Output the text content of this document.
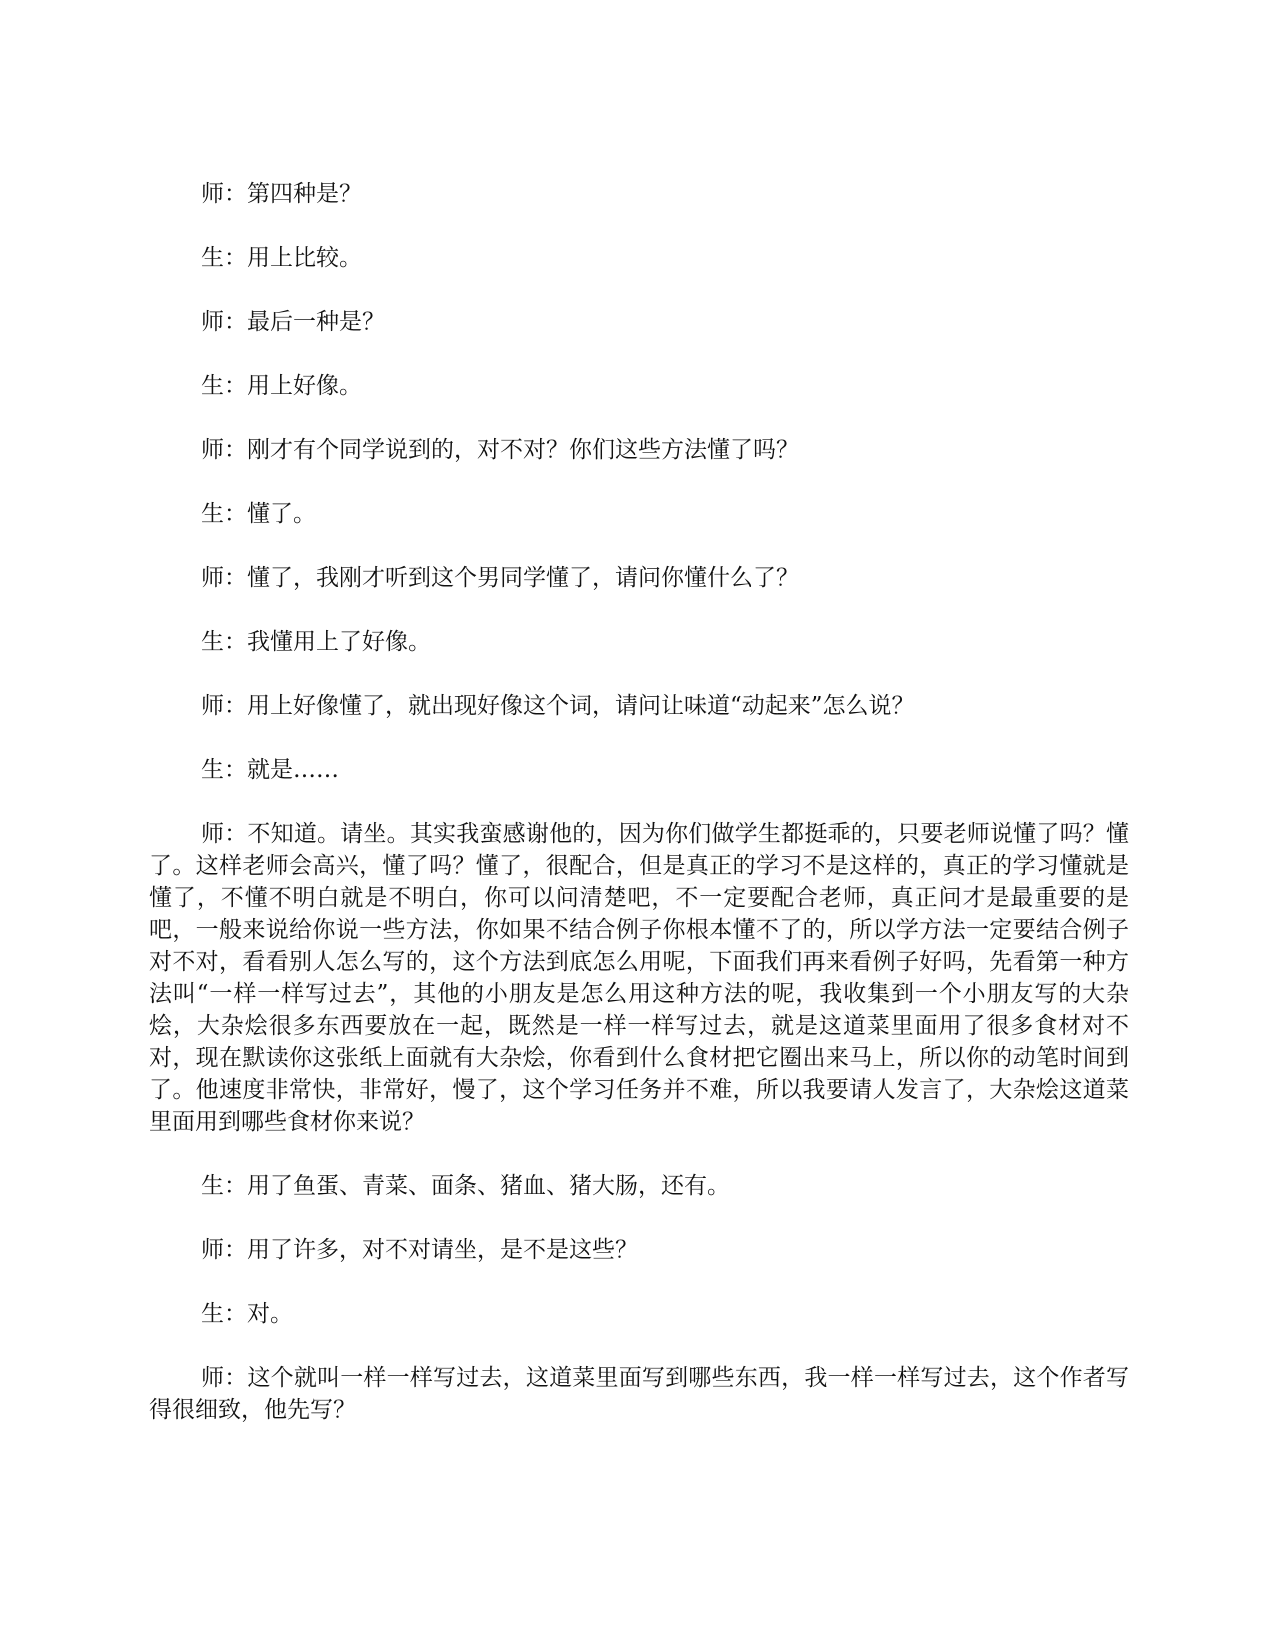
师：第四种是？

生：用上比较。

师：最后一种是？

生：用上好像。

师：刚才有个同学说到的，对不对？你们这些方法懂了吗？

生：懂了。

师：懂了，我刚才听到这个男同学懂了，请问你懂什么了？

生：我懂用上了好像。

师：用上好像懂了，就出现好像这个词，请问让味道“动起来”怎么说？

生：就是……

师：不知道。请坐。其实我蛮感谢他的，因为你们做学生都挺乖的，只要老师说懂了吗？懂了。这样老师会高兴，懂了吗？懂了，很配合，但是真正的学习不是这样的，真正的学习懂就是懂了，不懂不明白就是不明白，你可以问清楚吧，不一定要配合老师，真正问才是最重要的是吧，一般来说给你说一些方法，你如果不结合例子你根本懂不了的，所以学方法一定要结合例子对不对，看看别人怎么写的，这个方法到底怎么用呢，下面我们再来看例子好吗，先看第一种方法叫“一样一样写过去”，其他的小朋友是怎么用这种方法的呢，我收集到一个小朋友写的大杂烩，大杂烩很多东西要放在一起，既然是一样一样写过去，就是这道菜里面用了很多食材对不对，现在默读你这张纸上面就有大杂烩，你看到什么食材把它圈出来马上，所以你的动笔时间到了。他速度非常快，非常好，慢了，这个学习任务并不难，所以我要请人发言了，大杂烩这道菜里面用到哪些食材你来说？

生：用了鱼蛋、青菜、面条、猪血、猪大肠，还有。

师：用了许多，对不对请坐，是不是这些？

生：对。

师：这个就叫一样一样写过去，这道菜里面写到哪些东西，我一样一样写过去，这个作者写得很细致，他先写？
